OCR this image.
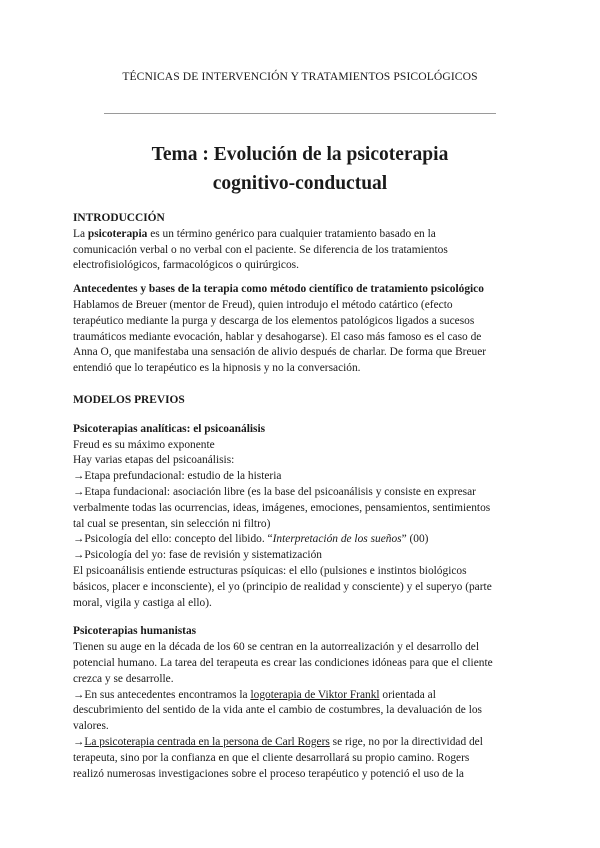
TÉCNICAS DE INTERVENCIÓN Y TRATAMIENTOS PSICOLÓGICOS
Tema : Evolución de la psicoterapia
cognitivo-conductual
INTRODUCCIÓN
La psicoterapia es un término genérico para cualquier tratamiento basado en la
comunicación verbal o no verbal con el paciente. Se diferencia de los tratamientos
electrofisiológicos, farmacológicos o quirúrgicos.
Antecedentes y bases de la terapia como método científico de tratamiento psicológico
Hablamos de Breuer (mentor de Freud), quien introdujo el método catártico (efecto
terapéutico mediante la purga y descarga de los elementos patológicos ligados a sucesos
traumáticos mediante evocación, hablar y desahogarse). El caso más famoso es el caso de
Anna O, que manifestaba una sensación de alivio después de charlar. De forma que Breuer
entendió que lo terapéutico es la hipnosis y no la conversación.
MODELOS PREVIOS
Psicoterapias analíticas: el psicoanálisis
Freud es su máximo exponente
Hay varias etapas del psicoanálisis:
→Etapa prefundacional: estudio de la histeria
→Etapa fundacional: asociación libre (es la base del psicoanálisis y consiste en expresar
verbalmente todas las ocurrencias, ideas, imágenes, emociones, pensamientos, sentimientos
tal cual se presentan, sin selección ni filtro)
→Psicología del ello: concepto del libido. “Interpretación de los sueños” (00)
→Psicología del yo: fase de revisión y sistematización
El psicoanálisis entiende estructuras psíquicas: el ello (pulsiones e instintos biológicos
básicos, placer e inconsciente), el yo (principio de realidad y consciente) y el superyo (parte
moral, vigila y castiga al ello).
Psicoterapias humanistas
Tienen su auge en la década de los 60 se centran en la autorrealización y el desarrollo del
potencial humano. La tarea del terapeuta es crear las condiciones idóneas para que el cliente
crezca y se desarrolle.
→En sus antecedentes encontramos la logoterapia de Viktor Frankl orientada al
descubrimiento del sentido de la vida ante el cambio de costumbres, la devaluación de los
valores.
→La psicoterapia centrada en la persona de Carl Rogers se rige, no por la directividad del
terapeuta, sino por la confianza en que el cliente desarrollará su propio camino. Rogers
realizó numerosas investigaciones sobre el proceso terapéutico y potenció el uso de la
